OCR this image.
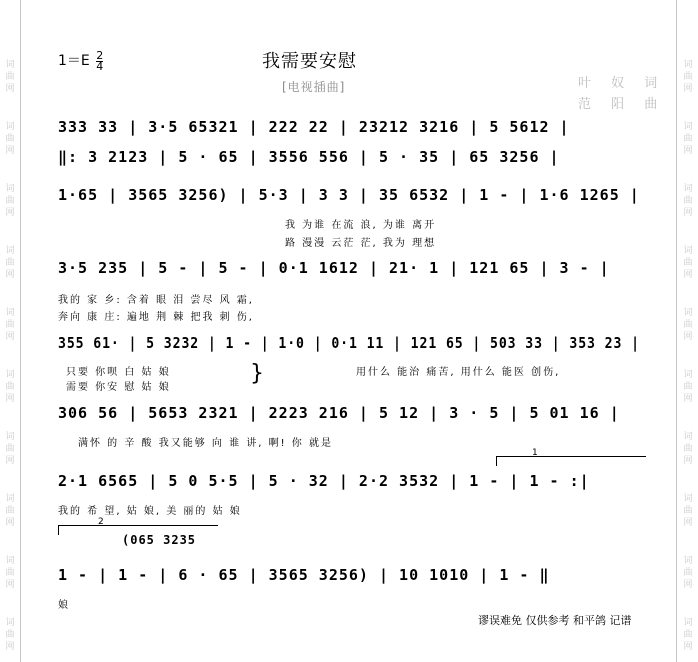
词
曲
网
词
曲
网
词
曲
网
词
曲
网
词
曲
网
词
曲
网
词
曲
网
词
曲
网
词
曲
网
词
曲
网
词
曲
网
词
曲
网
词
曲
网
词
曲
网
词
曲
网
词
曲
网
词
曲
网
词
曲
网
词
曲
网
词
曲
网
$1=E \frac{2}{4}$	我需要安慰
[电视插曲]	叶 奴 词
范 阳 曲
333 33 | 3·5 65321 | 222 22 | 23212 3216 | 5 5612 |
‖: 3 2123 | 5 · 65 | 3556 556 | 5 · 35 | 65 3256 |
1·65 | 3565 3256) | 5·3 | 3 3 | 35 6532 | 1 - | 1·6 1265 |
我 为谁 在流 浪, 为谁 离开
路 漫漫 云茫 茫, 我为 理想
3·5 235 | 5 - | 5 - | 0·1 1612 | 21· 1 | 121 65 | 3 - |
我的 家 乡: 含着 眼 泪 尝尽 风 霜,
奔向 康 庄: 遍地 荆 棘 把我 刺 伤,
355 61· | 5 3232 | 1 - | 1·0 | 0·1 11 | 121 65 | 503 33 | 353 23 |
只要 你呗 白 姑 娘
需要 你安 慰 姑 娘
用什么 能治 痛苦, 用什么 能医 创伤,
}
306 56 | 5653 2321 | 2223 216 | 5 12 | 3 · 5 | 5 01 16 |
满怀 的 辛 酸 我又能够 向 谁 讲, 啊! 你 就是
1
2·1 6565 | 5 0 5·5 | 5 · 32 | 2·2 3532 | 1 - | 1 - :|
我的 希 望, 姑 娘, 美 丽的 姑 娘
2
(065 3235
1 - | 1 - | 6 · 65 | 3565 3256) | 10 1010 | 1 - ‖
娘
谬误难免 仅供参考 和平鸽 记谱
